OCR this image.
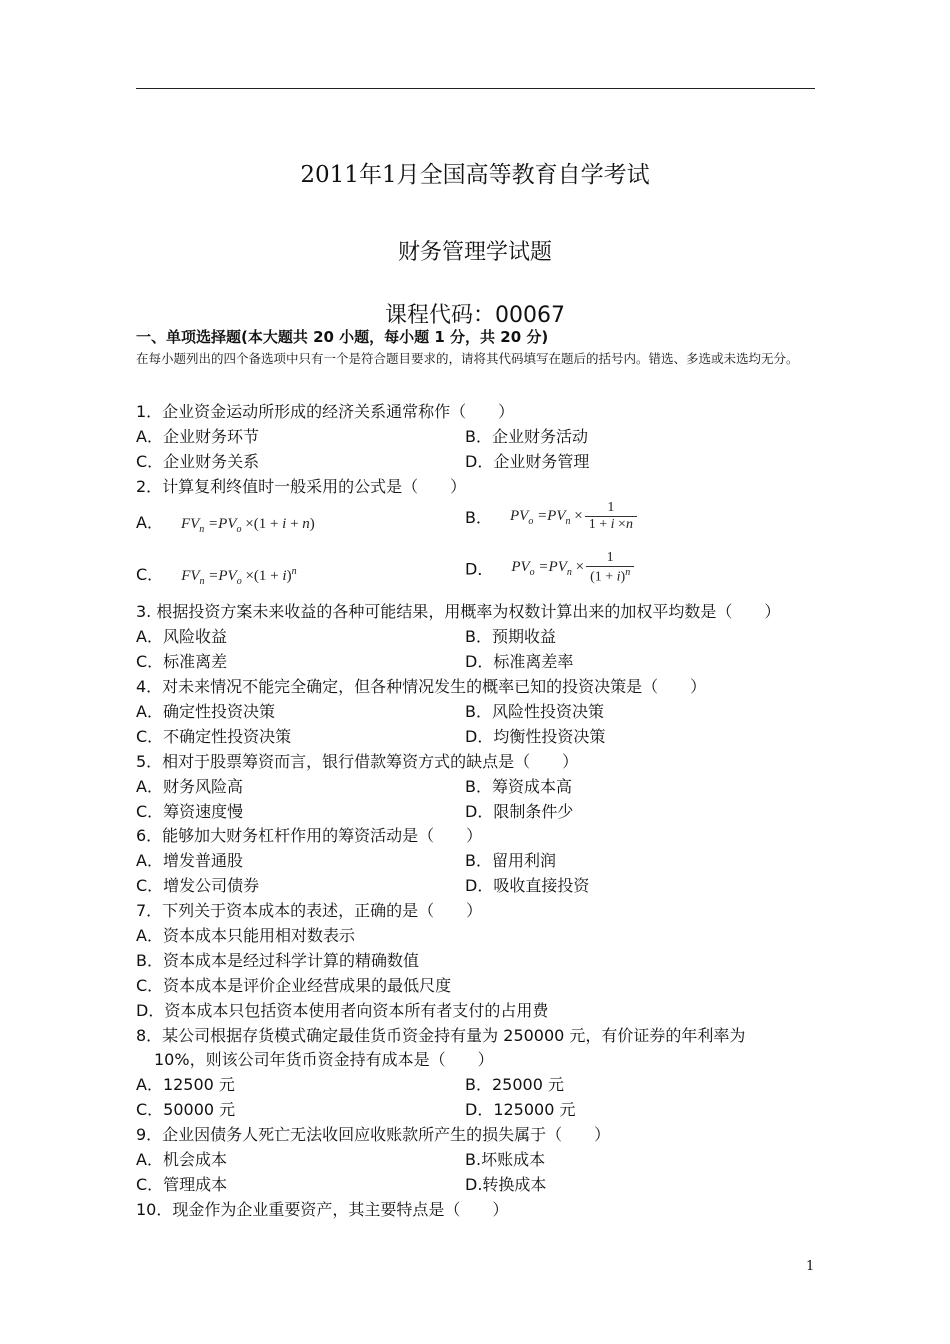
2011年1月全国高等教育自学考试
财务管理学试题
课程代码：00067
一、单项选择题(本大题共 20 小题，每小题 1 分，共 20 分)
在每小题列出的四个备选项中只有一个是符合题目要求的，请将其代码填写在题后的括号内。错选、多选或未选均无分。
1．企业资金运动所形成的经济关系通常称作（　　）
A．企业财务环节	B．企业财务活动
C．企业财务关系	D．企业财务管理
2．计算复利终值时一般采用的公式是（　　）
A． $FV_n =PV_o \times(1 + i + n)$	B． $PV_o =PV_n \times \frac{1}{1 + i \times n}$
C． $FV_n =PV_o \times(1 + i)^n$	D． $PV_o =PV_n \times \frac{1}{(1 + i)^n}$
3. 根据投资方案未来收益的各种可能结果，用概率为权数计算出来的加权平均数是（　　）
A．风险收益	B．预期收益
C．标准离差	D．标准离差率
4．对未来情况不能完全确定，但各种情况发生的概率已知的投资决策是（　　）
A．确定性投资决策	B．风险性投资决策
C．不确定性投资决策	D．均衡性投资决策
5．相对于股票筹资而言，银行借款筹资方式的缺点是（　　）
A．财务风险高	B．筹资成本高
C．筹资速度慢	D．限制条件少
6．能够加大财务杠杆作用的筹资活动是（　　）
A．增发普通股	B．留用利润
C．增发公司债券	D．吸收直接投资
7．下列关于资本成本的表述，正确的是（　　）
A．资本成本只能用相对数表示
B．资本成本是经过科学计算的精确数值
C．资本成本是评价企业经营成果的最低尺度
D．资本成本只包括资本使用者向资本所有者支付的占用费
8．某公司根据存货模式确定最佳货币资金持有量为 250000 元，有价证券的年利率为
10%，则该公司年货币资金持有成本是（　　）
A．12500 元	B．25000 元
C．50000 元	D．125000 元
9．企业因债务人死亡无法收回应收账款所产生的损失属于（　　）
A．机会成本	B.坏账成本
C．管理成本	D.转换成本
10．现金作为企业重要资产，其主要特点是（　　）
1
